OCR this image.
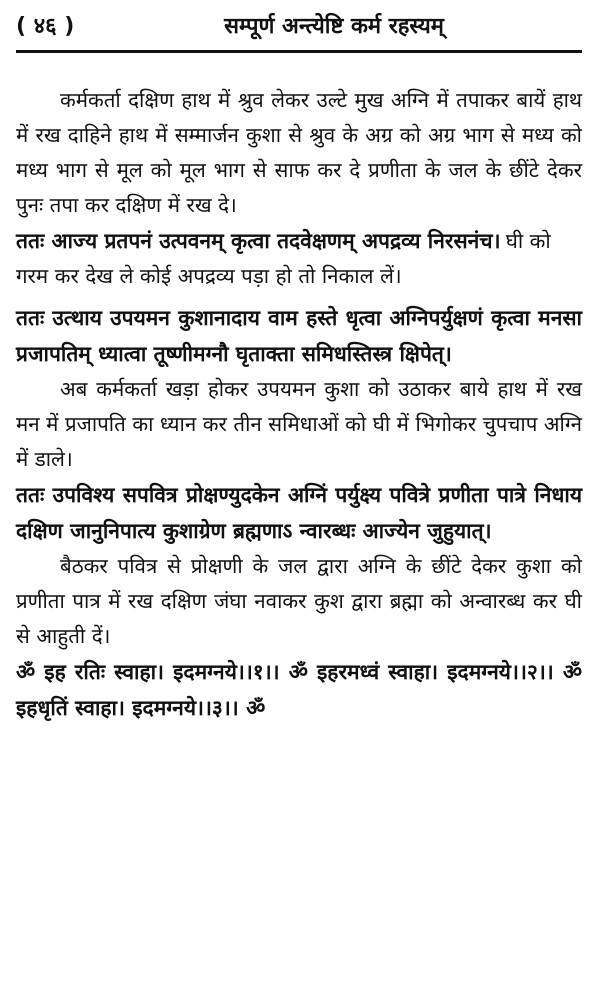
( ४६ )	सम्पूर्ण अन्त्येष्टि कर्म रहस्यम्

कर्मकर्ता दक्षिण हाथ में श्रुव लेकर उल्टे मुख अग्नि में तपाकर बायें हाथ में रख दाहिने हाथ में सम्मार्जन कुशा से श्रुव के अग्र को अग्र भाग से मध्य को मध्य भाग से मूल को मूल भाग से साफ कर दे प्रणीता के जल के छींटे देकर पुनः तपा कर दक्षिण में रख दे।

ततः आज्य प्रतपनं उत्पवनम् कृत्वा तदवेक्षणम् अपद्रव्य निरसनंच। घी को गरम कर देख ले कोई अपद्रव्य पड़ा हो तो निकाल लें।

ततः उत्थाय उपयमन कुशानादाय वाम हस्ते धृत्वा अग्निपर्युक्षणं कृत्वा मनसा प्रजापतिम् ध्यात्वा तूष्णीमग्नौ घृताक्ता समिधस्तिस्त्र क्षिपेत्।

अब कर्मकर्ता खड़ा होकर उपयमन कुशा को उठाकर बाये हाथ में रख मन में प्रजापति का ध्यान कर तीन समिधाओं को घी में भिगोकर चुपचाप अग्नि में डाले।

ततः उपविश्य सपवित्र प्रोक्षण्युदकेन अग्निं पर्युक्ष्य पवित्रे प्रणीता पात्रे निधाय दक्षिण जानुनिपात्य कुशाग्रेण ब्रह्मणाऽ न्वारब्धः आज्येन जुहुयात्।

बैठकर पवित्र से प्रोक्षणी के जल द्वारा अग्नि के छींटे देकर कुशा को प्रणीता पात्र में रख दक्षिण जंघा नवाकर कुश द्वारा ब्रह्मा को अन्वारब्ध कर घी से आहुती दें।

ॐ इह रतिः स्वाहा। इदमग्नये।।१।। ॐ इहरमध्वं स्वाहा। इदमग्नये।।२।। ॐ इहधृतिं स्वाहा। इदमग्नये।।३।। ॐ
